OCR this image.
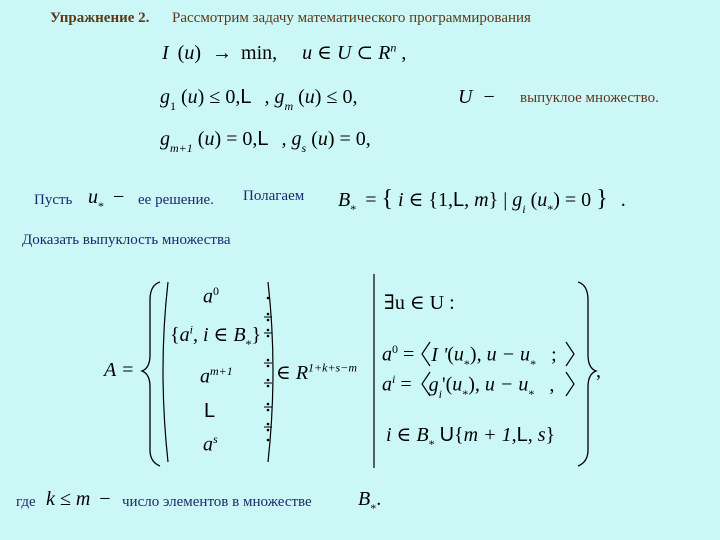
Упражнение 2. Рассмотрим задачу математического программирования
I (u) → min, u ∈ U ⊂ $R^n$ ,
$g_1$ (u) ≤ 0,L , $g_m$ (u) ≤ 0,	U − выпуклое множество.
$g_{m+1}$ (u) = 0,L , $g_s$ (u) = 0,
Пусть $u_*$ − ее решение. Полагаем $B_*$ = { i ∈ {1,L, m} | $g_i$ $(u_*) = 0$ } .
Доказать выпуклость множества
A =
$a^0$
{$a^i$, i ∈ $B_*$}
$a^{m+1}$
L
$a^s$
∈ $R^{1+k+s-m}$
∃u ∈ U :
$a^0 = I$ '$(u_*)$, $u - u_*$ ;
$a^i = g_i'(u_*)$, $u - u_*$ ,
i ∈ $B_*$ U{m + 1,L, s}
,
где k ≤ m − число элементов в множестве $B_*$.
